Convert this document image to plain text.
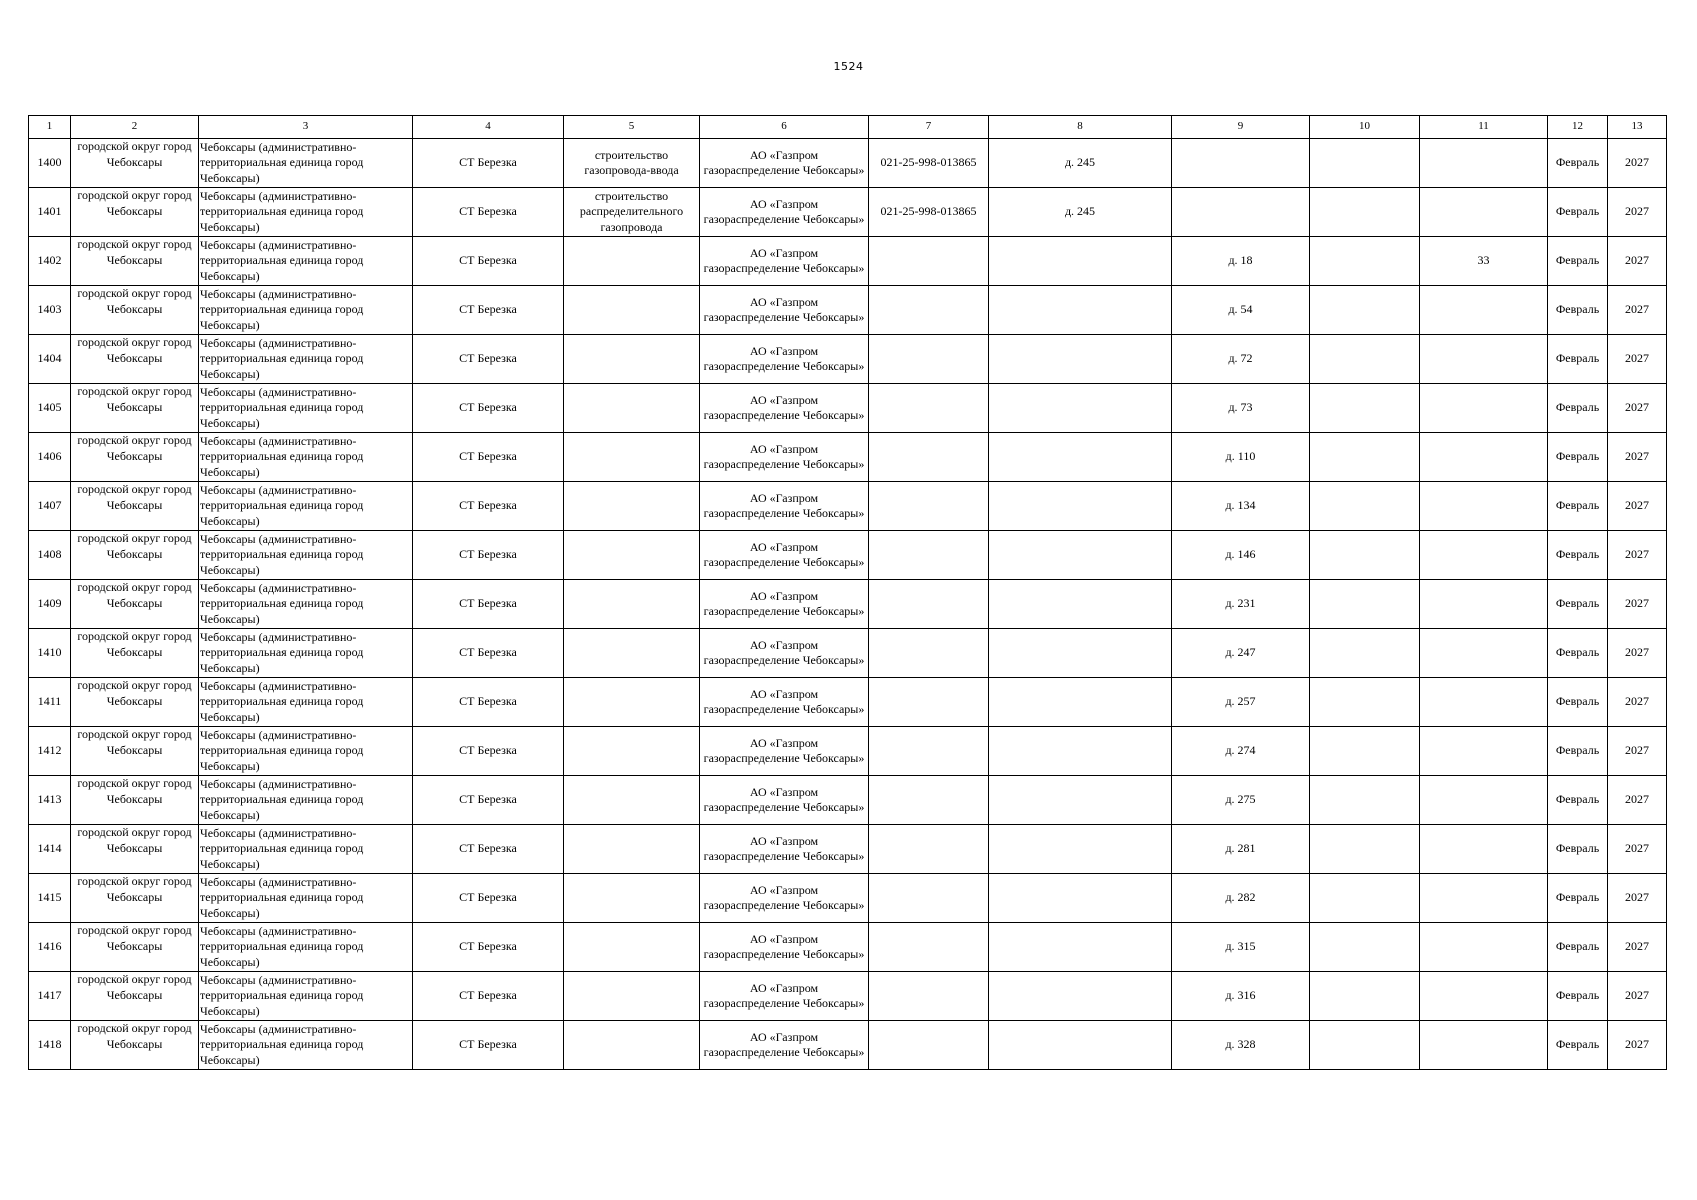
1524
1	2	3	4	5	6	7	8	9	10	11	12	13
1400	городской округ город Чебоксары	Чебоксары (административно-территориальная единица город Чебоксары)	СТ Березка	строительство газопровода-ввода	АО «Газпром газораспределение Чебоксары»	021-25-998-013865	д. 245				Февраль	2027
1401	городской округ город Чебоксары	Чебоксары (административно-территориальная единица город Чебоксары)	СТ Березка	строительство распределительного газопровода	АО «Газпром газораспределение Чебоксары»	021-25-998-013865	д. 245				Февраль	2027
1402	городской округ город Чебоксары	Чебоксары (административно-территориальная единица город Чебоксары)	СТ Березка		АО «Газпром газораспределение Чебоксары»			д. 18		33	Февраль	2027
1403	городской округ город Чебоксары	Чебоксары (административно-территориальная единица город Чебоксары)	СТ Березка		АО «Газпром газораспределение Чебоксары»			д. 54			Февраль	2027
1404	городской округ город Чебоксары	Чебоксары (административно-территориальная единица город Чебоксары)	СТ Березка		АО «Газпром газораспределение Чебоксары»			д. 72			Февраль	2027
1405	городской округ город Чебоксары	Чебоксары (административно-территориальная единица город Чебоксары)	СТ Березка		АО «Газпром газораспределение Чебоксары»			д. 73			Февраль	2027
1406	городской округ город Чебоксары	Чебоксары (административно-территориальная единица город Чебоксары)	СТ Березка		АО «Газпром газораспределение Чебоксары»			д. 110			Февраль	2027
1407	городской округ город Чебоксары	Чебоксары (административно-территориальная единица город Чебоксары)	СТ Березка		АО «Газпром газораспределение Чебоксары»			д. 134			Февраль	2027
1408	городской округ город Чебоксары	Чебоксары (административно-территориальная единица город Чебоксары)	СТ Березка		АО «Газпром газораспределение Чебоксары»			д. 146			Февраль	2027
1409	городской округ город Чебоксары	Чебоксары (административно-территориальная единица город Чебоксары)	СТ Березка		АО «Газпром газораспределение Чебоксары»			д. 231			Февраль	2027
1410	городской округ город Чебоксары	Чебоксары (административно-территориальная единица город Чебоксары)	СТ Березка		АО «Газпром газораспределение Чебоксары»			д. 247			Февраль	2027
1411	городской округ город Чебоксары	Чебоксары (административно-территориальная единица город Чебоксары)	СТ Березка		АО «Газпром газораспределение Чебоксары»			д. 257			Февраль	2027
1412	городской округ город Чебоксары	Чебоксары (административно-территориальная единица город Чебоксары)	СТ Березка		АО «Газпром газораспределение Чебоксары»			д. 274			Февраль	2027
1413	городской округ город Чебоксары	Чебоксары (административно-территориальная единица город Чебоксары)	СТ Березка		АО «Газпром газораспределение Чебоксары»			д. 275			Февраль	2027
1414	городской округ город Чебоксары	Чебоксары (административно-территориальная единица город Чебоксары)	СТ Березка		АО «Газпром газораспределение Чебоксары»			д. 281			Февраль	2027
1415	городской округ город Чебоксары	Чебоксары (административно-территориальная единица город Чебоксары)	СТ Березка		АО «Газпром газораспределение Чебоксары»			д. 282			Февраль	2027
1416	городской округ город Чебоксары	Чебоксары (административно-территориальная единица город Чебоксары)	СТ Березка		АО «Газпром газораспределение Чебоксары»			д. 315			Февраль	2027
1417	городской округ город Чебоксары	Чебоксары (административно-территориальная единица город Чебоксары)	СТ Березка		АО «Газпром газораспределение Чебоксары»			д. 316			Февраль	2027
1418	городской округ город Чебоксары	Чебоксары (административно-территориальная единица город Чебоксары)	СТ Березка		АО «Газпром газораспределение Чебоксары»			д. 328			Февраль	2027
